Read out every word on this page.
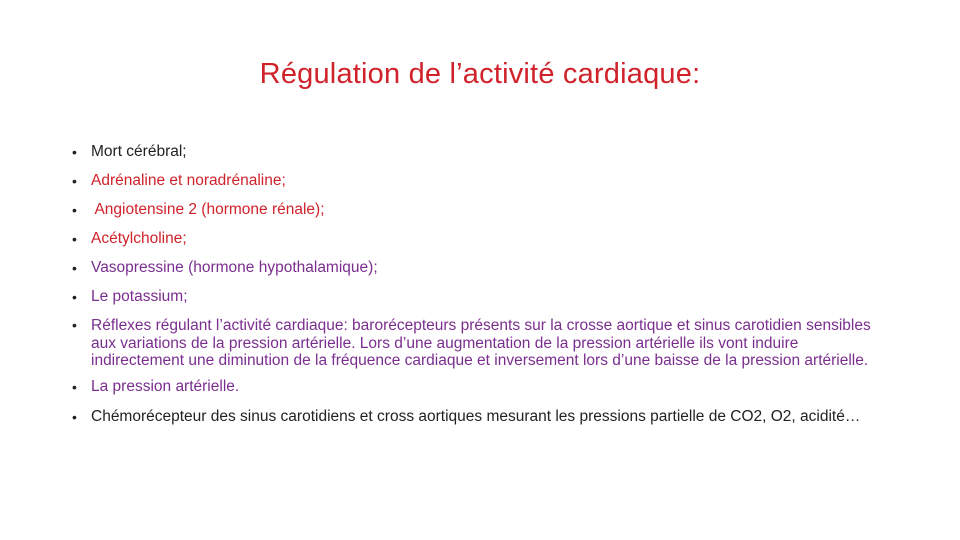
Régulation de l’activité cardiaque:
• Mort cérébral;
• Adrénaline et noradrénaline;
• Angiotensine 2 (hormone rénale);
• Acétylcholine;
• Vasopressine (hormone hypothalamique);
• Le potassium;
• Réflexes régulant l’activité cardiaque: barorécepteurs présents sur la crosse aortique et sinus carotidien sensibles aux variations de la pression artérielle. Lors d’une augmentation de la pression artérielle ils vont induire indirectement une diminution de la fréquence cardiaque et inversement lors d’une baisse de la pression artérielle.
• La pression artérielle.
• Chémorécepteur des sinus carotidiens et cross aortiques mesurant les pressions partielle de CO2, O2, acidité…
